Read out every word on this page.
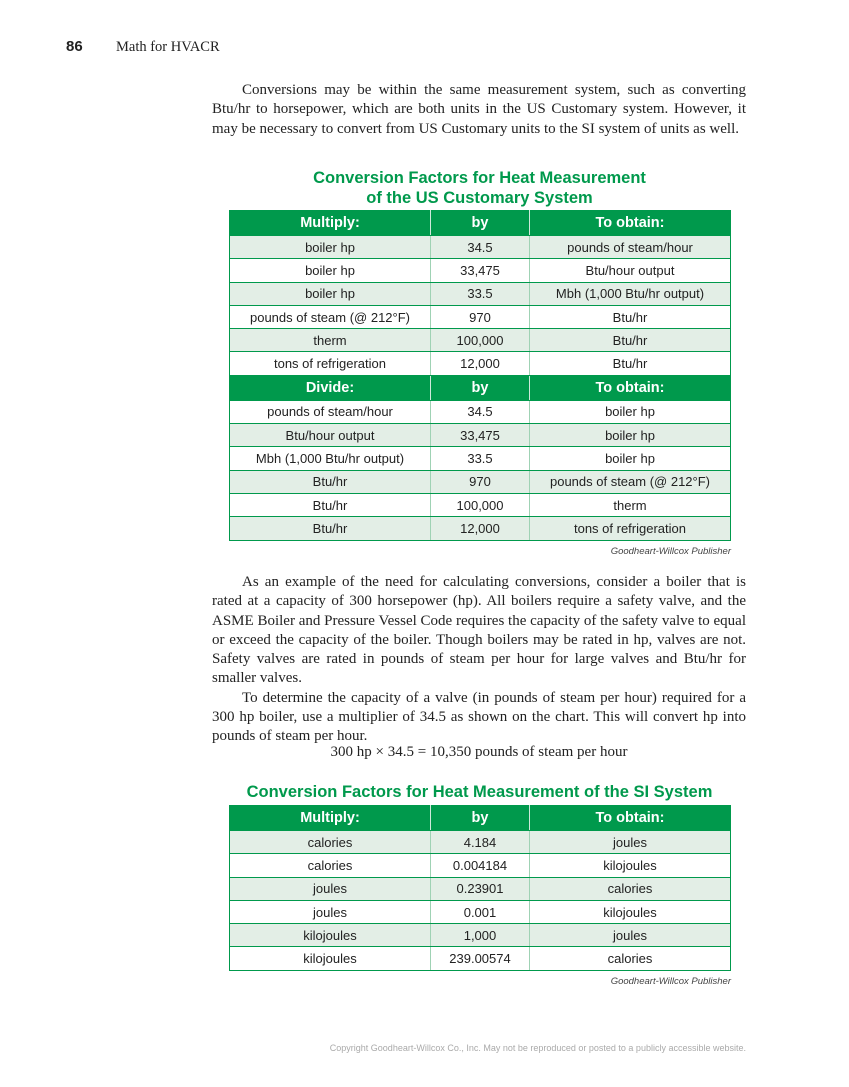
86 Math for HVACR

Conversions may be within the same measurement system, such as converting Btu/hr to horsepower, which are both units in the US Customary system. However, it may be necessary to convert from US Customary units to the SI system of units as well.

Conversion Factors for Heat Measurement
of the US Customary System
Multiply:	by	To obtain:
boiler hp	34.5	pounds of steam/hour
boiler hp	33,475	Btu/hour output
boiler hp	33.5	Mbh (1,000 Btu/hr output)
pounds of steam (@ 212°F)	970	Btu/hr
therm	100,000	Btu/hr
tons of refrigeration	12,000	Btu/hr
Divide:	by	To obtain:
pounds of steam/hour	34.5	boiler hp
Btu/hour output	33,475	boiler hp
Mbh (1,000 Btu/hr output)	33.5	boiler hp
Btu/hr	970	pounds of steam (@ 212°F)
Btu/hr	100,000	therm
Btu/hr	12,000	tons of refrigeration
Goodheart-Willcox Publisher

As an example of the need for calculating conversions, consider a boiler that is rated at a capacity of 300 horsepower (hp). All boilers require a safety valve, and the ASME Boiler and Pressure Vessel Code requires the capacity of the safety valve to equal or exceed the capacity of the boiler. Though boilers may be rated in hp, valves are not. Safety valves are rated in pounds of steam per hour for large valves and Btu/hr for smaller valves.

To determine the capacity of a valve (in pounds of steam per hour) required for a 300 hp boiler, use a multiplier of 34.5 as shown on the chart. This will convert hp into pounds of steam per hour.

300 hp × 34.5 = 10,350 pounds of steam per hour
Conversion Factors for Heat Measurement of the SI System
Multiply:	by	To obtain:
calories	4.184	joules
calories	0.004184	kilojoules
joules	0.23901	calories
joules	0.001	kilojoules
kilojoules	1,000	joules
kilojoules	239.00574	calories
Goodheart-Willcox Publisher
Copyright Goodheart-Willcox Co., Inc. May not be reproduced or posted to a publicly accessible website.
